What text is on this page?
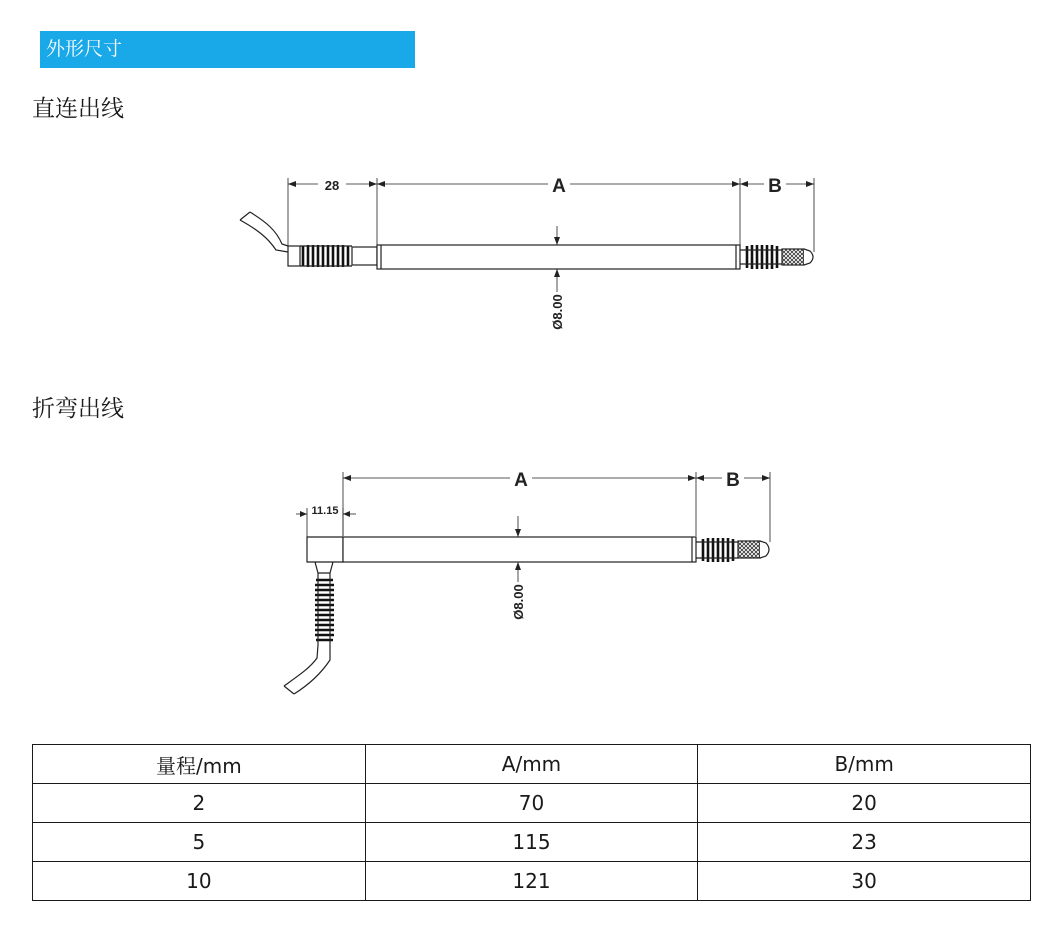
外形尺寸
直连出线
折弯出线
28	A	B
Ø8.00
11.15
A	B
Ø8.00
量程/mm	A/mm	B/mm
2	70	20
5	115	23
10	121	30
